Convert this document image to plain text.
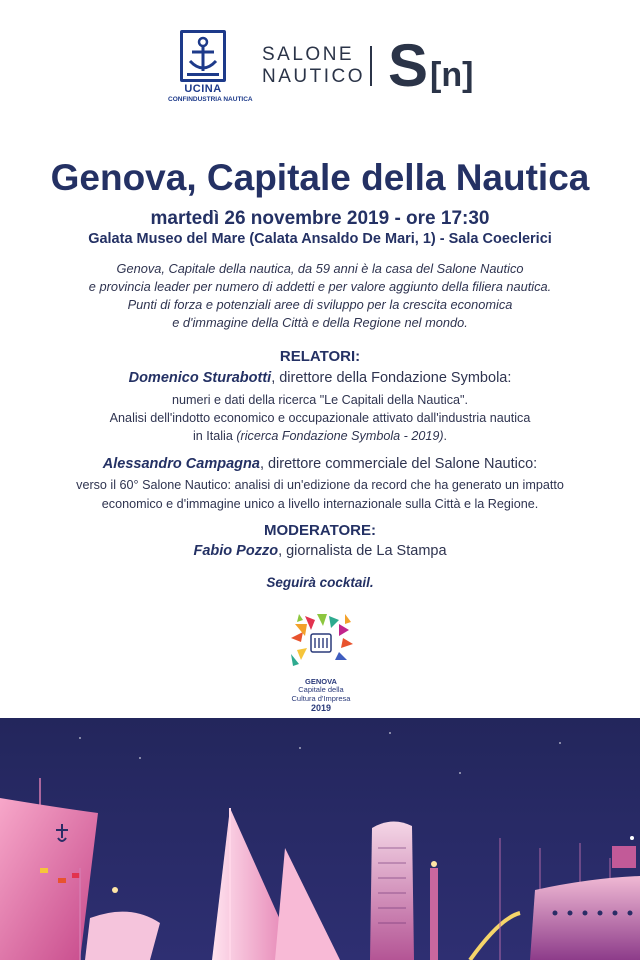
UCINA
CONFINDUSTRIA NAUTICA
SALONE
NAUTICO S [n]
Genova, Capitale della Nautica
martedì 26 novembre 2019 - ore 17:30
Galata Museo del Mare (Calata Ansaldo De Mari, 1) - Sala Coeclerici
Genova, Capitale della nautica, da 59 anni è la casa del Salone Nautico
e provincia leader per numero di addetti e per valore aggiunto della filiera nautica.
Punti di forza e potenziali aree di sviluppo per la crescita economica
e d'immagine della Città e della Regione nel mondo.
RELATORI:
Domenico Sturabotti, direttore della Fondazione Symbola:
numeri e dati della ricerca "Le Capitali della Nautica".
Analisi dell'indotto economico e occupazionale attivato dall'industria nautica
in Italia (ricerca Fondazione Symbola - 2019).
Alessandro Campagna, direttore commerciale del Salone Nautico:
verso il 60° Salone Nautico: analisi di un'edizione da record che ha generato un impatto
economico e d'immagine unico a livello internazionale sulla Città e la Regione.
MODERATORE:
Fabio Pozzo, giornalista de La Stampa
Seguirà cocktail.
GENOVA
Capitale della
Cultura d'Impresa
2019
